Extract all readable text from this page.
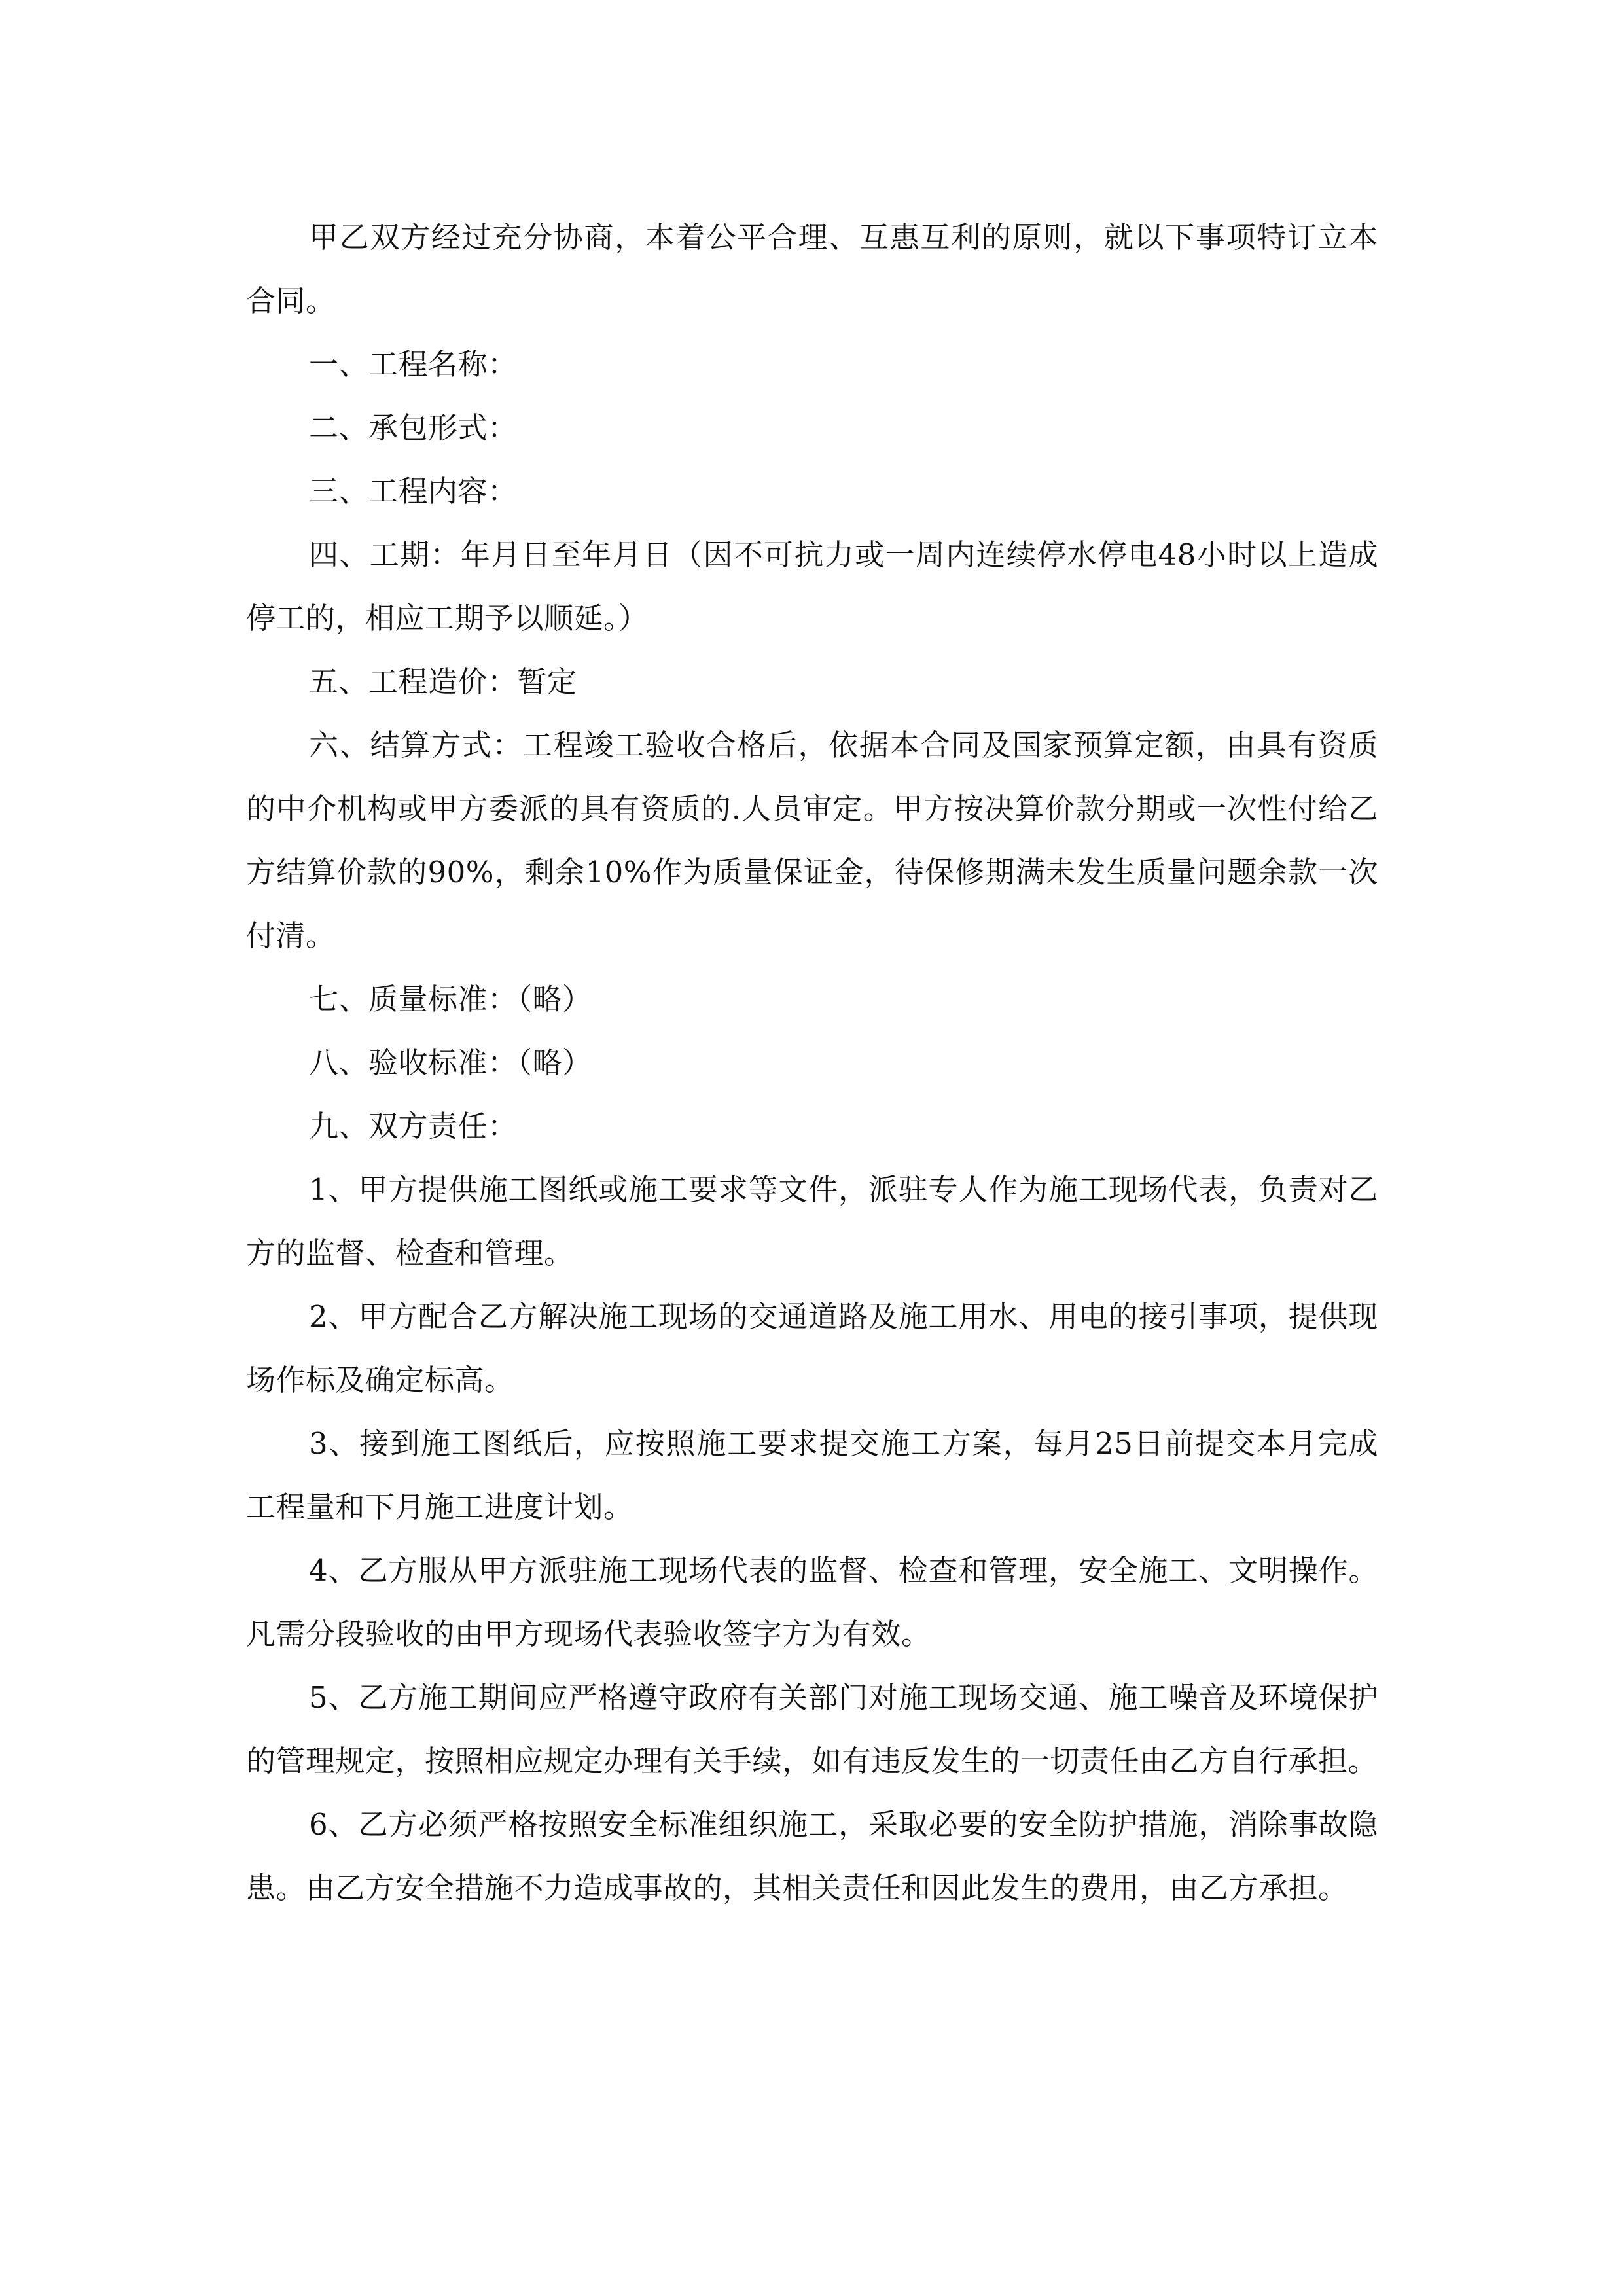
甲乙双方经过充分协商，本着公平合理、互惠互利的原则，就以下事项特订立本合同。

一、工程名称：

二、承包形式：

三、工程内容：

四、工期：年月日至年月日（因不可抗力或一周内连续停水停电48小时以上造成停工的，相应工期予以顺延。）

五、工程造价：暂定

六、结算方式：工程竣工验收合格后，依据本合同及国家预算定额，由具有资质的中介机构或甲方委派的具有资质的.人员审定。甲方按决算价款分期或一次性付给乙方结算价款的90%，剩余10%作为质量保证金，待保修期满未发生质量问题余款一次付清。

七、质量标准：（略）

八、验收标准：（略）

九、双方责任：

1、甲方提供施工图纸或施工要求等文件，派驻专人作为施工现场代表，负责对乙方的监督、检查和管理。

2、甲方配合乙方解决施工现场的交通道路及施工用水、用电的接引事项，提供现场作标及确定标高。

3、接到施工图纸后，应按照施工要求提交施工方案，每月25日前提交本月完成工程量和下月施工进度计划。

4、乙方服从甲方派驻施工现场代表的监督、检查和管理，安全施工、文明操作。凡需分段验收的由甲方现场代表验收签字方为有效。

5、乙方施工期间应严格遵守政府有关部门对施工现场交通、施工噪音及环境保护的管理规定，按照相应规定办理有关手续，如有违反发生的一切责任由乙方自行承担。

6、乙方必须严格按照安全标准组织施工，采取必要的安全防护措施，消除事故隐患。由乙方安全措施不力造成事故的，其相关责任和因此发生的费用，由乙方承担。
